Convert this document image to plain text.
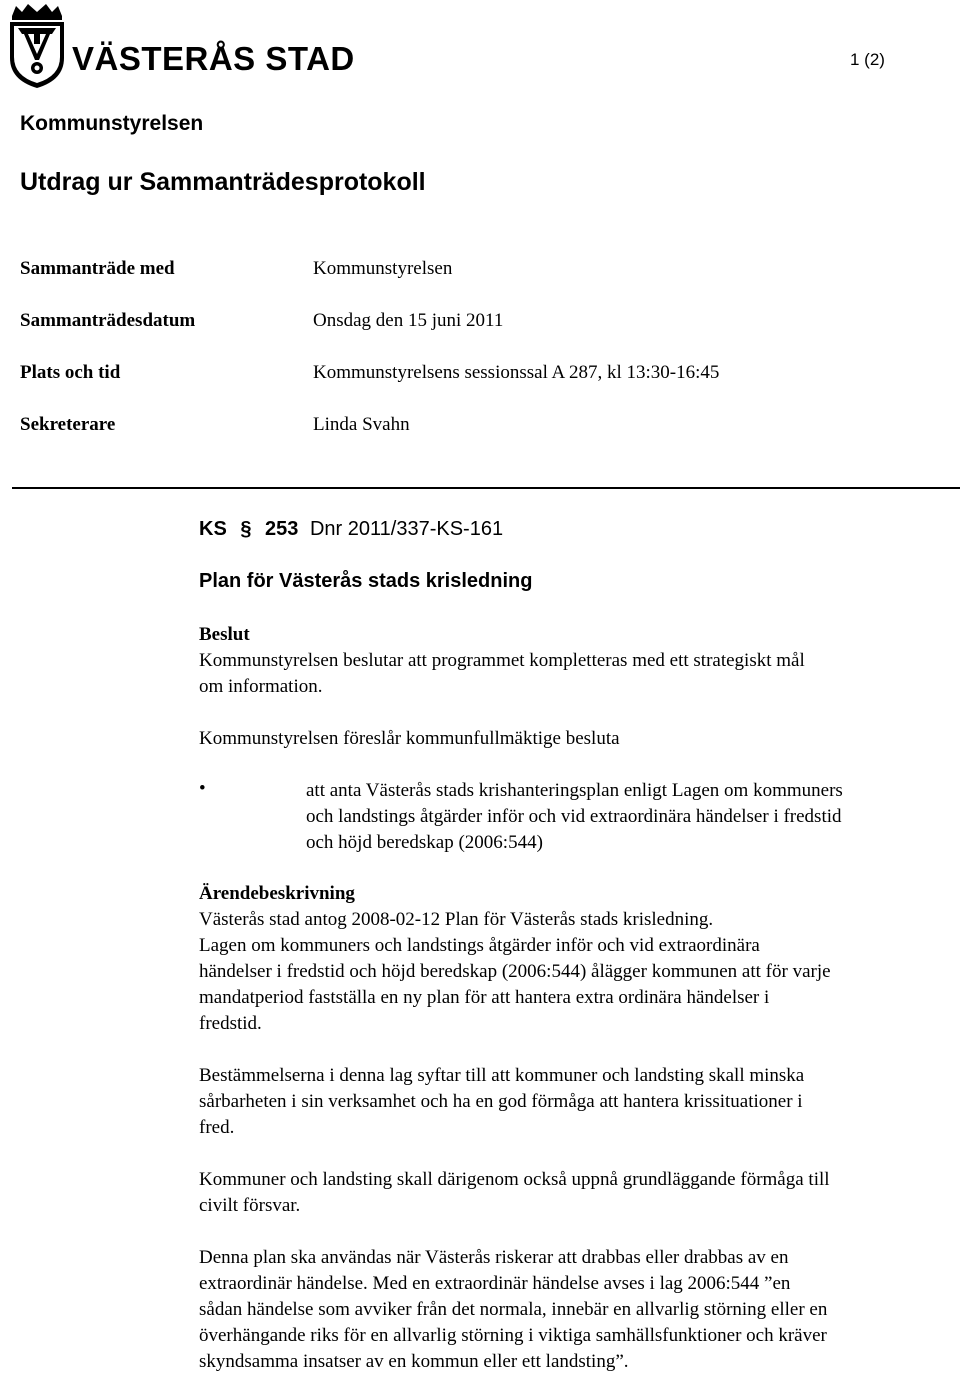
VÄSTERÅS STAD	1 (2)
Kommunstyrelsen
Utdrag ur Sammanträdesprotokoll
Sammanträde med	Kommunstyrelsen
Sammanträdesdatum	Onsdag den 15 juni 2011
Plats och tid	Kommunstyrelsens sessionssal A 287, kl 13:30-16:45
Sekreterare	Linda Svahn
KS § 253 Dnr 2011/337-KS-161
Plan för Västerås stads krisledning

Beslut

Kommunstyrelsen beslutar att programmet kompletteras med ett strategiskt mål

om information.

Kommunstyrelsen föreslår kommunfullmäktige besluta

•	att anta Västerås stads krishanteringsplan enligt Lagen om kommuners

och landstings åtgärder inför och vid extraordinära händelser i fredstid

och höjd beredskap (2006:544)

Ärendebeskrivning

Västerås stad antog 2008-02-12 Plan för Västerås stads krisledning.

Lagen om kommuners och landstings åtgärder inför och vid extraordinära

händelser i fredstid och höjd beredskap (2006:544) ålägger kommunen att för varje

mandatperiod fastställa en ny plan för att hantera extra ordinära händelser i

fredstid.

Bestämmelserna i denna lag syftar till att kommuner och landsting skall minska

sårbarheten i sin verksamhet och ha en god förmåga att hantera krissituationer i

fred.

Kommuner och landsting skall därigenom också uppnå grundläggande förmåga till

civilt försvar.

Denna plan ska användas när Västerås riskerar att drabbas eller drabbas av en

extraordinär händelse. Med en extraordinär händelse avses i lag 2006:544 ”en

sådan händelse som avviker från det normala, innebär en allvarlig störning eller en

överhängande riks för en allvarlig störning i viktiga samhällsfunktioner och kräver

skyndsamma insatser av en kommun eller ett landsting”.
